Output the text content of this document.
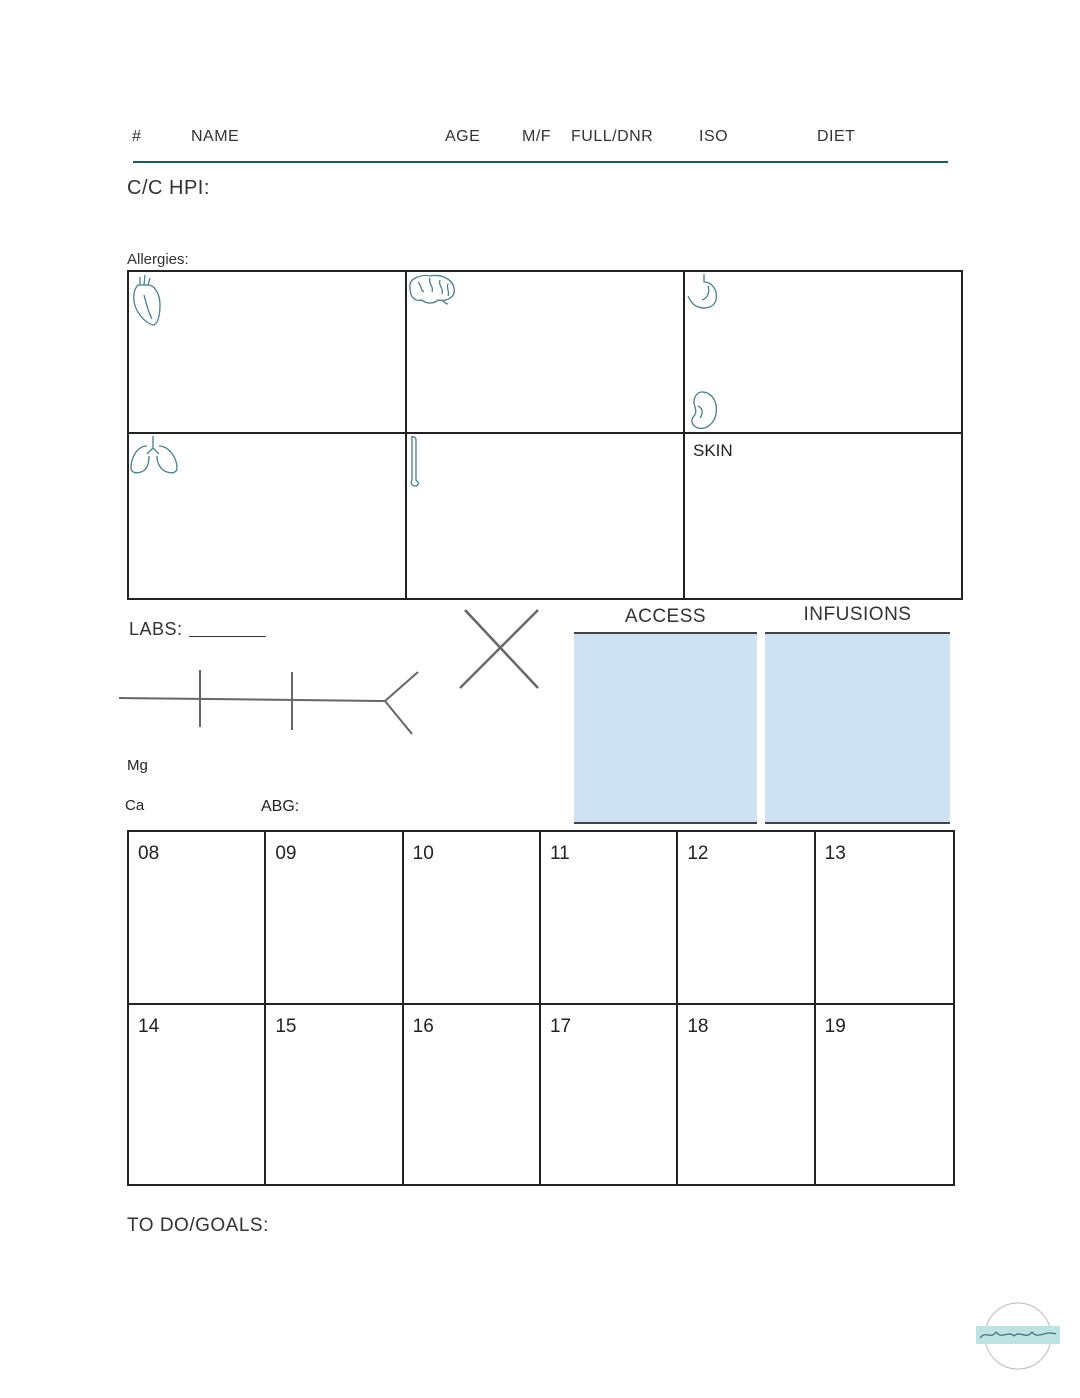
#	NAME	AGE	M/F FULL/DNR	ISO	DIET
C/C HPI:
Allergies:
SKIN
LABS:
Mg
Ca	ABG:
ACCESS	INFUSIONS
08	09	10	11	12	13
14	15	16	17	18	19
TO DO/GOALS:
